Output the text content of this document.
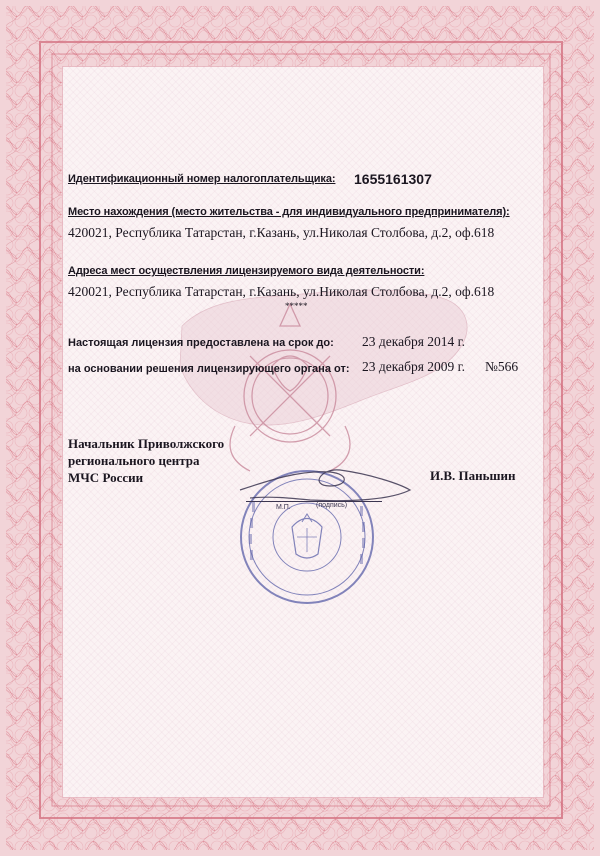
Идентификационный номер налогоплательщика: 1655161307
Место нахождения (место жительства - для индивидуального предпринимателя):
420021, Республика Татарстан, г.Казань, ул.Николая Столбова, д.2, оф.618
Адреса мест осуществления лицензируемого вида деятельности:
420021, Республика Татарстан, г.Казань, ул.Николая Столбова, д.2, оф.618
*****
Настоящая лицензия предоставлена на срок до: 23 декабря 2014 г.
на основании решения лицензирующего органа от: 23 декабря 2009 г. №566
Начальник Приволжского
регионального центра
МЧС России	И.В. Паньшин
М.П.	(подпись)
